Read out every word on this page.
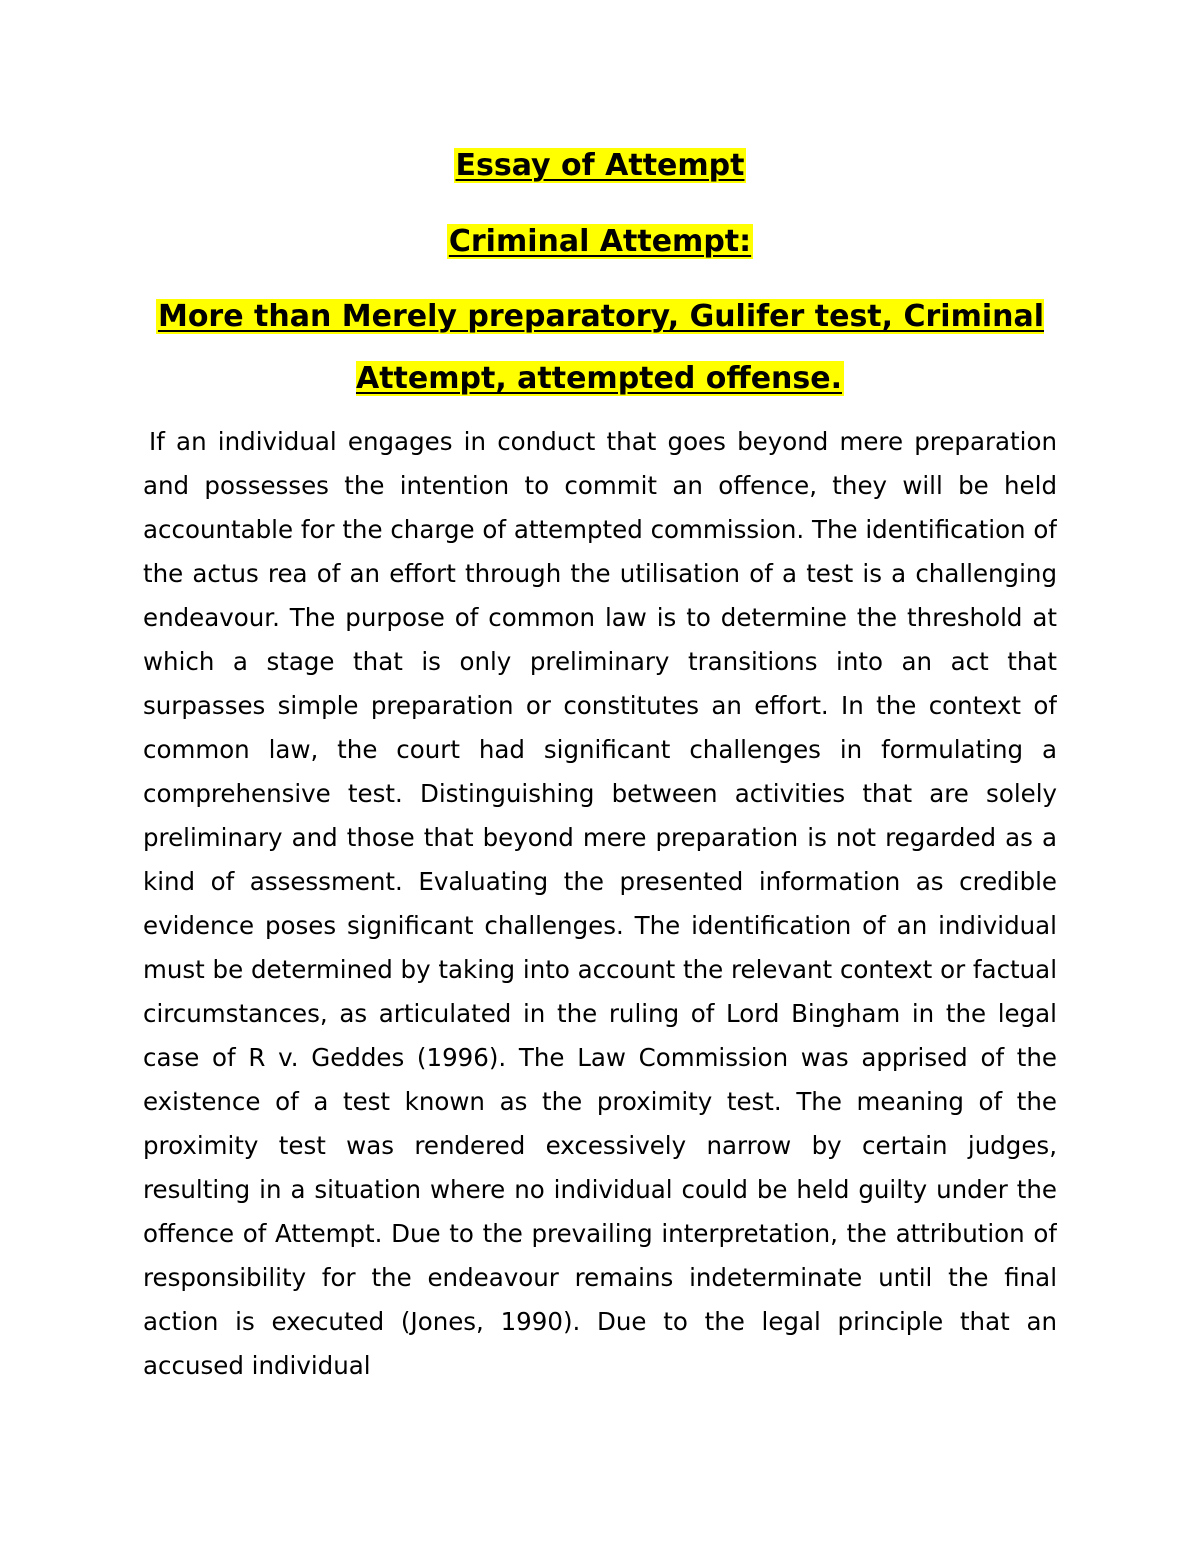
Essay of Attempt
Criminal Attempt:
More than Merely preparatory, Gulifer test, Criminal Attempt, attempted offense.

If an individual engages in conduct that goes beyond mere preparation and possesses the intention to commit an offence, they will be held accountable for the charge of attempted commission. The identification of the actus rea of an effort through the utilisation of a test is a challenging endeavour. The purpose of common law is to determine the threshold at which a stage that is only preliminary transitions into an act that surpasses simple preparation or constitutes an effort. In the context of common law, the court had significant challenges in formulating a comprehensive test. Distinguishing between activities that are solely preliminary and those that beyond mere preparation is not regarded as a kind of assessment. Evaluating the presented information as credible evidence poses significant challenges. The identification of an individual must be determined by taking into account the relevant context or factual circumstances, as articulated in the ruling of Lord Bingham in the legal case of R v. Geddes (1996). The Law Commission was apprised of the existence of a test known as the proximity test. The meaning of the proximity test was rendered excessively narrow by certain judges, resulting in a situation where no individual could be held guilty under the offence of Attempt. Due to the prevailing interpretation, the attribution of responsibility for the endeavour remains indeterminate until the final action is executed (Jones, 1990). Due to the legal principle that an accused individual
